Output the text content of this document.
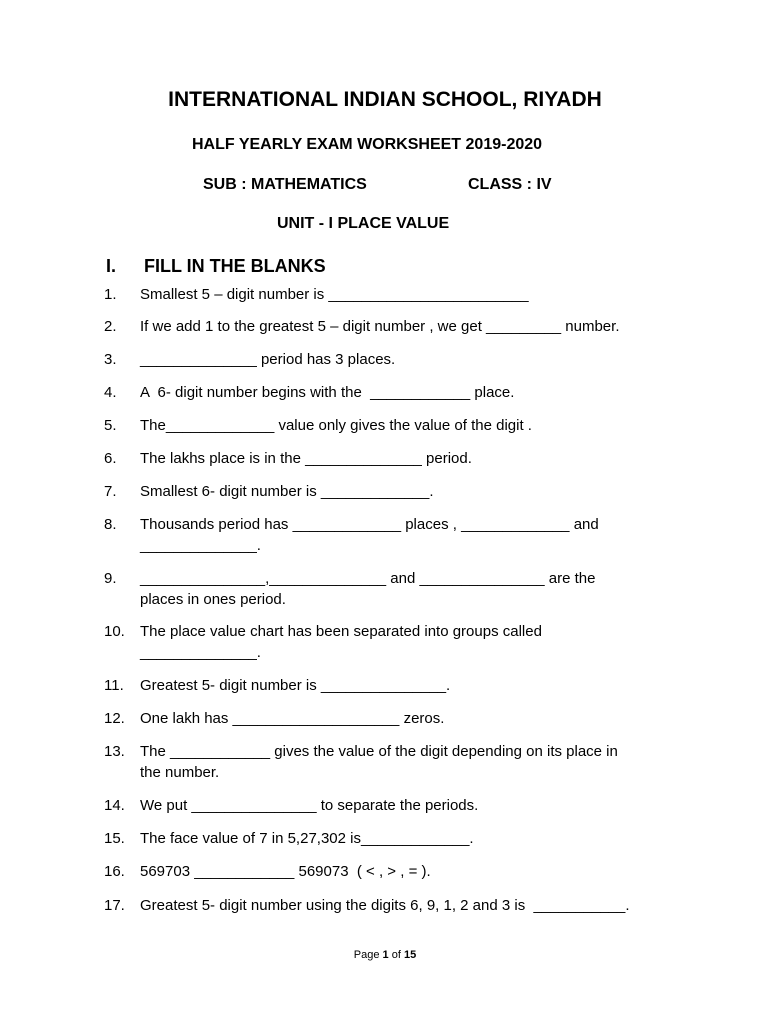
INTERNATIONAL INDIAN SCHOOL, RIYADH
HALF YEARLY EXAM WORKSHEET 2019-2020
SUB : MATHEMATICS	CLASS : IV
UNIT - I PLACE VALUE
I. FILL IN THE BLANKS
1. Smallest 5 – digit number is ________________________
2. If we add 1 to the greatest 5 – digit number , we get _________ number.
3. ______________ period has 3 places.
4. A  6- digit number begins with the  ____________ place.
5. The_____________ value only gives the value of the digit .
6. The lakhs place is in the ______________ period.
7. Smallest 6- digit number is _____________.
8. Thousands period has _____________ places , _____________ and
______________.
9. _______________,______________ and _______________ are the
places in ones period.
10. The place value chart has been separated into groups called
______________.
11. Greatest 5- digit number is _______________.
12. One lakh has ____________________ zeros.
13. The ____________ gives the value of the digit depending on its place in
the number.
14. We put _______________ to separate the periods.
15. The face value of 7 in 5,27,302 is_____________.
16. 569703 ____________ 569073  ( < , > , = ).
17. Greatest 5- digit number using the digits 6, 9, 1, 2 and 3 is  ___________.
Page 1 of 15
